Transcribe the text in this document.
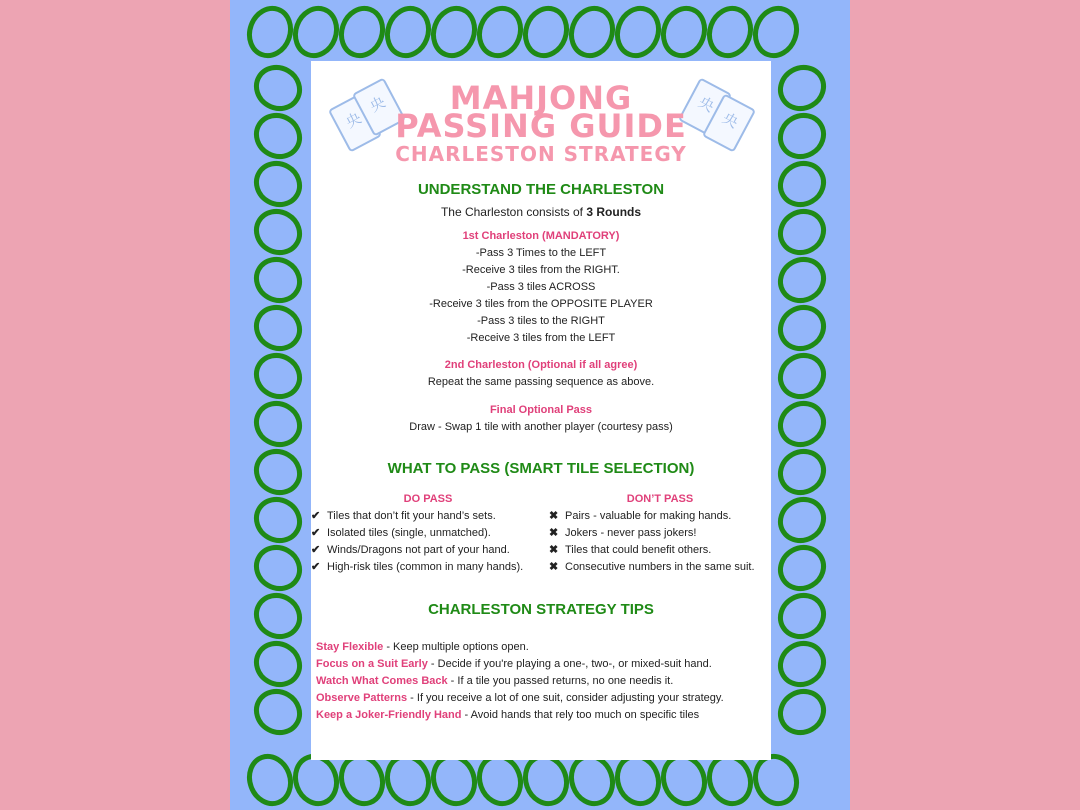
央
央	央
央
MAHJONG
PASSING GUIDE
CHARLESTON STRATEGY
UNDERSTAND THE CHARLESTON
The Charleston consists of 3 Rounds
1st Charleston (MANDATORY)
-Pass 3 Times to the LEFT
-Receive 3 tiles from the RIGHT.
-Pass 3 tiles ACROSS
-Receive 3 tiles from the OPPOSITE PLAYER
-Pass 3 tiles to the RIGHT
-Receive 3 tiles from the LEFT
2nd Charleston (Optional if all agree)
Repeat the same passing sequence as above.
Final Optional Pass
Draw - Swap 1 tile with another player (courtesy pass)
WHAT TO PASS (SMART TILE SELECTION)
DO PASS
✔ Tiles that don’t fit your hand’s sets.
✔ Isolated tiles (single, unmatched).
✔ Winds/Dragons not part of your hand.
✔ High-risk tiles (common in many hands).
DON’T PASS
✖ Pairs - valuable for making hands.
✖ Jokers - never pass jokers!
✖ Tiles that could benefit others.
✖ Consecutive numbers in the same suit.
CHARLESTON STRATEGY TIPS
Stay Flexible - Keep multiple options open.
Focus on a Suit Early - Decide if you're playing a one-, two-, or mixed-suit hand.
Watch What Comes Back - If a tile you passed returns, no one needis it.
Observe Patterns - If you receive a lot of one suit, consider adjusting your strategy.
Keep a Joker-Friendly Hand - Avoid hands that rely too much on specific tiles
